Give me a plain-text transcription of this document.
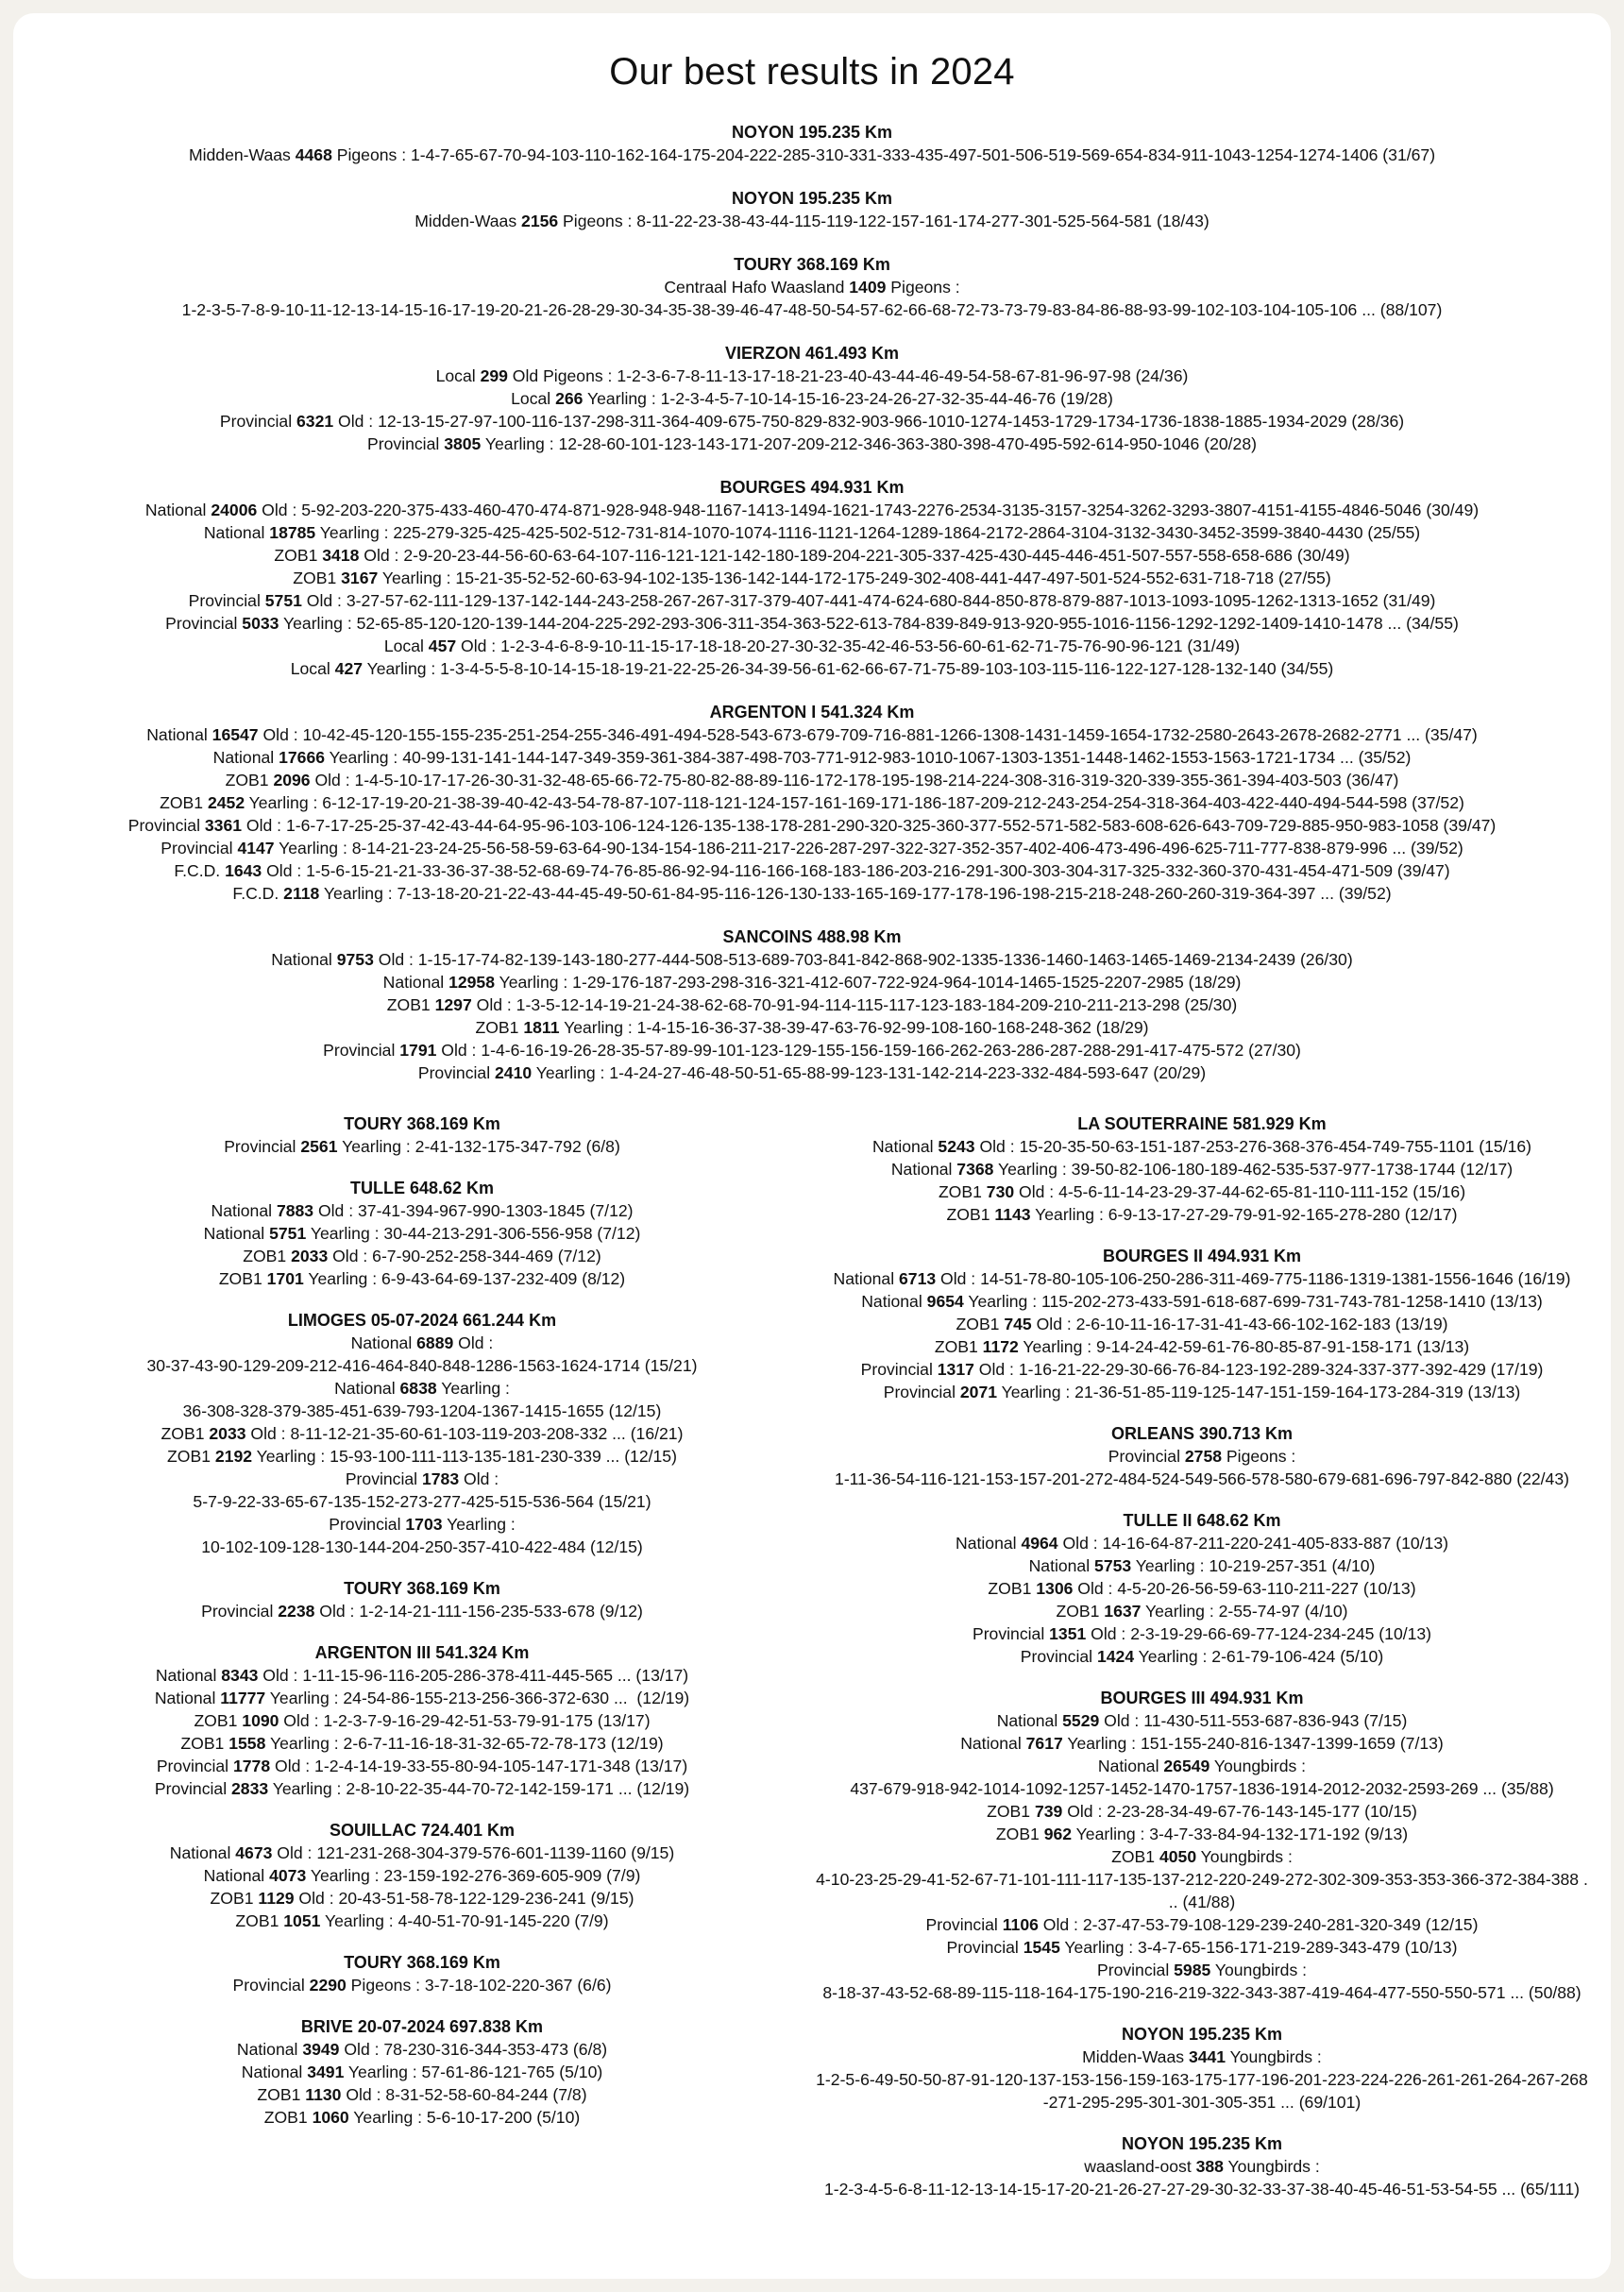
Our best results in 2024
NOYON 195.235 Km
Midden-Waas 4468 Pigeons : 1-4-7-65-67-70-94-103-110-162-164-175-204-222-285-310-331-333-435-497-501-506-519-569-654-834-911-1043-1254-1274-1406 (31/67)
NOYON 195.235 Km
Midden-Waas 2156 Pigeons : 8-11-22-23-38-43-44-115-119-122-157-161-174-277-301-525-564-581 (18/43)
TOURY 368.169 Km
Centraal Hafo Waasland 1409 Pigeons :
1-2-3-5-7-8-9-10-11-12-13-14-15-16-17-19-20-21-26-28-29-30-34-35-38-39-46-47-48-50-54-57-62-66-68-72-73-73-79-83-84-86-88-93-99-102-103-104-105-106 ... (88/107)
VIERZON 461.493 Km
Local 299 Old Pigeons : 1-2-3-6-7-8-11-13-17-18-21-23-40-43-44-46-49-54-58-67-81-96-97-98 (24/36)
Local 266 Yearling : 1-2-3-4-5-7-10-14-15-16-23-24-26-27-32-35-44-46-76 (19/28)
Provincial 6321 Old : 12-13-15-27-97-100-116-137-298-311-364-409-675-750-829-832-903-966-1010-1274-1453-1729-1734-1736-1838-1885-1934-2029 (28/36)
Provincial 3805 Yearling : 12-28-60-101-123-143-171-207-209-212-346-363-380-398-470-495-592-614-950-1046 (20/28)
BOURGES 494.931 Km
National 24006 Old : 5-92-203-220-375-433-460-470-474-871-928-948-948-1167-1413-1494-1621-1743-2276-2534-3135-3157-3254-3262-3293-3807-4151-4155-4846-5046 (30/49)
National 18785 Yearling : 225-279-325-425-425-502-512-731-814-1070-1074-1116-1121-1264-1289-1864-2172-2864-3104-3132-3430-3452-3599-3840-4430 (25/55)
ZOB1 3418 Old : 2-9-20-23-44-56-60-63-64-107-116-121-121-142-180-189-204-221-305-337-425-430-445-446-451-507-557-558-658-686 (30/49)
ZOB1 3167 Yearling : 15-21-35-52-52-60-63-94-102-135-136-142-144-172-175-249-302-408-441-447-497-501-524-552-631-718-718 (27/55)
Provincial 5751 Old : 3-27-57-62-111-129-137-142-144-243-258-267-267-317-379-407-441-474-624-680-844-850-878-879-887-1013-1093-1095-1262-1313-1652 (31/49)
Provincial 5033 Yearling : 52-65-85-120-120-139-144-204-225-292-293-306-311-354-363-522-613-784-839-849-913-920-955-1016-1156-1292-1292-1409-1410-1478 ... (34/55)
Local 457 Old : 1-2-3-4-6-8-9-10-11-15-17-18-18-20-27-30-32-35-42-46-53-56-60-61-62-71-75-76-90-96-121 (31/49)
Local 427 Yearling : 1-3-4-5-5-8-10-14-15-18-19-21-22-25-26-34-39-56-61-62-66-67-71-75-89-103-103-115-116-122-127-128-132-140 (34/55)
ARGENTON I 541.324 Km
National 16547 Old : 10-42-45-120-155-155-235-251-254-255-346-491-494-528-543-673-679-709-716-881-1266-1308-1431-1459-1654-1732-2580-2643-2678-2682-2771 ... (35/47)
National 17666 Yearling : 40-99-131-141-144-147-349-359-361-384-387-498-703-771-912-983-1010-1067-1303-1351-1448-1462-1553-1563-1721-1734 ... (35/52)
ZOB1 2096 Old : 1-4-5-10-17-17-26-30-31-32-48-65-66-72-75-80-82-88-89-116-172-178-195-198-214-224-308-316-319-320-339-355-361-394-403-503 (36/47)
ZOB1 2452 Yearling : 6-12-17-19-20-21-38-39-40-42-43-54-78-87-107-118-121-124-157-161-169-171-186-187-209-212-243-254-254-318-364-403-422-440-494-544-598 (37/52)
Provincial 3361 Old : 1-6-7-17-25-25-37-42-43-44-64-95-96-103-106-124-126-135-138-178-281-290-320-325-360-377-552-571-582-583-608-626-643-709-729-885-950-983-1058 (39/47)
Provincial 4147 Yearling : 8-14-21-23-24-25-56-58-59-63-64-90-134-154-186-211-217-226-287-297-322-327-352-357-402-406-473-496-496-625-711-777-838-879-996 ... (39/52)
F.C.D. 1643 Old : 1-5-6-15-21-21-33-36-37-38-52-68-69-74-76-85-86-92-94-116-166-168-183-186-203-216-291-300-303-304-317-325-332-360-370-431-454-471-509 (39/47)
F.C.D. 2118 Yearling : 7-13-18-20-21-22-43-44-45-49-50-61-84-95-116-126-130-133-165-169-177-178-196-198-215-218-248-260-260-319-364-397 ... (39/52)
SANCOINS 488.98 Km
National 9753 Old : 1-15-17-74-82-139-143-180-277-444-508-513-689-703-841-842-868-902-1335-1336-1460-1463-1465-1469-2134-2439 (26/30)
National 12958 Yearling : 1-29-176-187-293-298-316-321-412-607-722-924-964-1014-1465-1525-2207-2985 (18/29)
ZOB1 1297 Old : 1-3-5-12-14-19-21-24-38-62-68-70-91-94-114-115-117-123-183-184-209-210-211-213-298 (25/30)
ZOB1 1811 Yearling : 1-4-15-16-36-37-38-39-47-63-76-92-99-108-160-168-248-362 (18/29)
Provincial 1791 Old : 1-4-6-16-19-26-28-35-57-89-99-101-123-129-155-156-159-166-262-263-286-287-288-291-417-475-572 (27/30)
Provincial 2410 Yearling : 1-4-24-27-46-48-50-51-65-88-99-123-131-142-214-223-332-484-593-647 (20/29)
TOURY 368.169 Km
Provincial 2561 Yearling : 2-41-132-175-347-792 (6/8)
TULLE 648.62 Km
National 7883 Old : 37-41-394-967-990-1303-1845 (7/12)
National 5751 Yearling : 30-44-213-291-306-556-958 (7/12)
ZOB1 2033 Old : 6-7-90-252-258-344-469 (7/12)
ZOB1 1701 Yearling : 6-9-43-64-69-137-232-409 (8/12)
LIMOGES 05-07-2024 661.244 Km
National 6889 Old :
30-37-43-90-129-209-212-416-464-840-848-1286-1563-1624-1714 (15/21)
National 6838 Yearling :
36-308-328-379-385-451-639-793-1204-1367-1415-1655 (12/15)
ZOB1 2033 Old : 8-11-12-21-35-60-61-103-119-203-208-332 ... (16/21)
ZOB1 2192 Yearling : 15-93-100-111-113-135-181-230-339 ... (12/15)
Provincial 1783 Old :
5-7-9-22-33-65-67-135-152-273-277-425-515-536-564 (15/21)
Provincial 1703 Yearling :
10-102-109-128-130-144-204-250-357-410-422-484 (12/15)
TOURY 368.169 Km
Provincial 2238 Old : 1-2-14-21-111-156-235-533-678 (9/12)
ARGENTON III 541.324 Km
National 8343 Old : 1-11-15-96-116-205-286-378-411-445-565 ... (13/17)
National 11777 Yearling : 24-54-86-155-213-256-366-372-630 ...  (12/19)
ZOB1 1090 Old : 1-2-3-7-9-16-29-42-51-53-79-91-175 (13/17)
ZOB1 1558 Yearling : 2-6-7-11-16-18-31-32-65-72-78-173 (12/19)
Provincial 1778 Old : 1-2-4-14-19-33-55-80-94-105-147-171-348 (13/17)
Provincial 2833 Yearling : 2-8-10-22-35-44-70-72-142-159-171 ... (12/19)
SOUILLAC 724.401 Km
National 4673 Old : 121-231-268-304-379-576-601-1139-1160 (9/15)
National 4073 Yearling : 23-159-192-276-369-605-909 (7/9)
ZOB1 1129 Old : 20-43-51-58-78-122-129-236-241 (9/15)
ZOB1 1051 Yearling : 4-40-51-70-91-145-220 (7/9)
TOURY 368.169 Km
Provincial 2290 Pigeons : 3-7-18-102-220-367 (6/6)
BRIVE 20-07-2024 697.838 Km
National 3949 Old : 78-230-316-344-353-473 (6/8)
National 3491 Yearling : 57-61-86-121-765 (5/10)
ZOB1 1130 Old : 8-31-52-58-60-84-244 (7/8)
ZOB1 1060 Yearling : 5-6-10-17-200 (5/10)
LA SOUTERRAINE 581.929 Km
National 5243 Old : 15-20-35-50-63-151-187-253-276-368-376-454-749-755-1101 (15/16)
National 7368 Yearling : 39-50-82-106-180-189-462-535-537-977-1738-1744 (12/17)
ZOB1 730 Old : 4-5-6-11-14-23-29-37-44-62-65-81-110-111-152 (15/16)
ZOB1 1143 Yearling : 6-9-13-17-27-29-79-91-92-165-278-280 (12/17)
BOURGES II 494.931 Km
National 6713 Old : 14-51-78-80-105-106-250-286-311-469-775-1186-1319-1381-1556-1646 (16/19)
National 9654 Yearling : 115-202-273-433-591-618-687-699-731-743-781-1258-1410 (13/13)
ZOB1 745 Old : 2-6-10-11-16-17-31-41-43-66-102-162-183 (13/19)
ZOB1 1172 Yearling : 9-14-24-42-59-61-76-80-85-87-91-158-171 (13/13)
Provincial 1317 Old : 1-16-21-22-29-30-66-76-84-123-192-289-324-337-377-392-429 (17/19)
Provincial 2071 Yearling : 21-36-51-85-119-125-147-151-159-164-173-284-319 (13/13)
ORLEANS 390.713 Km
Provincial 2758 Pigeons :
1-11-36-54-116-121-153-157-201-272-484-524-549-566-578-580-679-681-696-797-842-880 (22/43)
TULLE II 648.62 Km
National 4964 Old : 14-16-64-87-211-220-241-405-833-887 (10/13)
National 5753 Yearling : 10-219-257-351 (4/10)
ZOB1 1306 Old : 4-5-20-26-56-59-63-110-211-227 (10/13)
ZOB1 1637 Yearling : 2-55-74-97 (4/10)
Provincial 1351 Old : 2-3-19-29-66-69-77-124-234-245 (10/13)
Provincial 1424 Yearling : 2-61-79-106-424 (5/10)
BOURGES III 494.931 Km
National 5529 Old : 11-430-511-553-687-836-943 (7/15)
National 7617 Yearling : 151-155-240-816-1347-1399-1659 (7/13)
National 26549 Youngbirds :
437-679-918-942-1014-1092-1257-1452-1470-1757-1836-1914-2012-2032-2593-269 ... (35/88)
ZOB1 739 Old : 2-23-28-34-49-67-76-143-145-177 (10/15)
ZOB1 962 Yearling : 3-4-7-33-84-94-132-171-192 (9/13)
ZOB1 4050 Youngbirds :
4-10-23-25-29-41-52-67-71-101-111-117-135-137-212-220-249-272-302-309-353-353-366-372-384-388 .
.. (41/88)
Provincial 1106 Old : 2-37-47-53-79-108-129-239-240-281-320-349 (12/15)
Provincial 1545 Yearling : 3-4-7-65-156-171-219-289-343-479 (10/13)
Provincial 5985 Youngbirds :
8-18-37-43-52-68-89-115-118-164-175-190-216-219-322-343-387-419-464-477-550-550-571 ... (50/88)
NOYON 195.235 Km
Midden-Waas 3441 Youngbirds :
1-2-5-6-49-50-50-87-91-120-137-153-156-159-163-175-177-196-201-223-224-226-261-261-264-267-268
-271-295-295-301-301-305-351 ... (69/101)
NOYON 195.235 Km
waasland-oost 388 Youngbirds :
1-2-3-4-5-6-8-11-12-13-14-15-17-20-21-26-27-27-29-30-32-33-37-38-40-45-46-51-53-54-55 ... (65/111)
